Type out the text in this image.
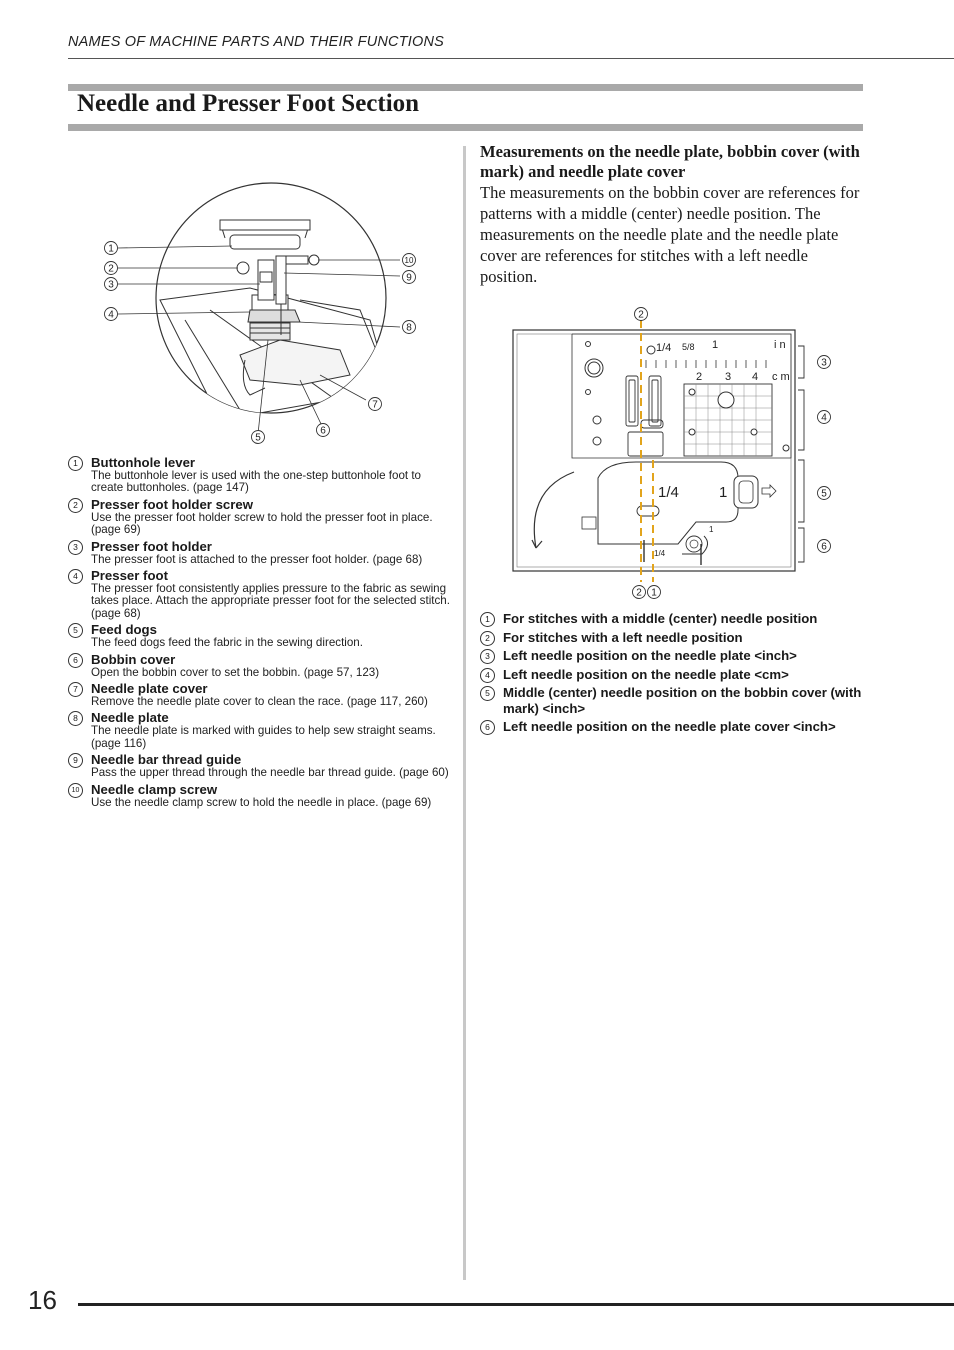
NAMES OF MACHINE PARTS AND THEIR FUNCTIONS
Needle and Presser Foot Section
1
2
3
4
5
6
7
8
9
10
1 Buttonhole lever
The buttonhole lever is used with the one-step buttonhole foot to create buttonholes. (page 147)
2 Presser foot holder screw
Use the presser foot holder screw to hold the presser foot in place. (page 69)
3 Presser foot holder
The presser foot is attached to the presser foot holder. (page 68)
4 Presser foot
The presser foot consistently applies pressure to the fabric as sewing takes place. Attach the appropriate presser foot for the selected stitch. (page 68)
5 Feed dogs
The feed dogs feed the fabric in the sewing direction.
6 Bobbin cover
Open the bobbin cover to set the bobbin. (page 57, 123)
7 Needle plate cover
Remove the needle plate cover to clean the race. (page 117, 260)
8 Needle plate
The needle plate is marked with guides to help sew straight seams. (page 116)
9 Needle bar thread guide
Pass the upper thread through the needle bar thread guide. (page 60)
10 Needle clamp screw
Use the needle clamp screw to hold the needle in place. (page 69)
Measurements on the needle plate, bobbin cover (with mark) and needle plate cover
The measurements on the bobbin cover are references for patterns with a middle (center) needle position. The measurements on the needle plate and the needle plate cover are references for stitches with a left needle position.
1/4 5/8 1	i n
2 3 4 c m
1/4	1
1
1/4
2
2 1
3
4
5
6
1 For stitches with a middle (center) needle position
2 For stitches with a left needle position
3 Left needle position on the needle plate <inch>
4 Left needle position on the needle plate <cm>
5 Middle (center) needle position on the bobbin cover (with mark) <inch>
6 Left needle position on the needle plate cover <inch>
16
